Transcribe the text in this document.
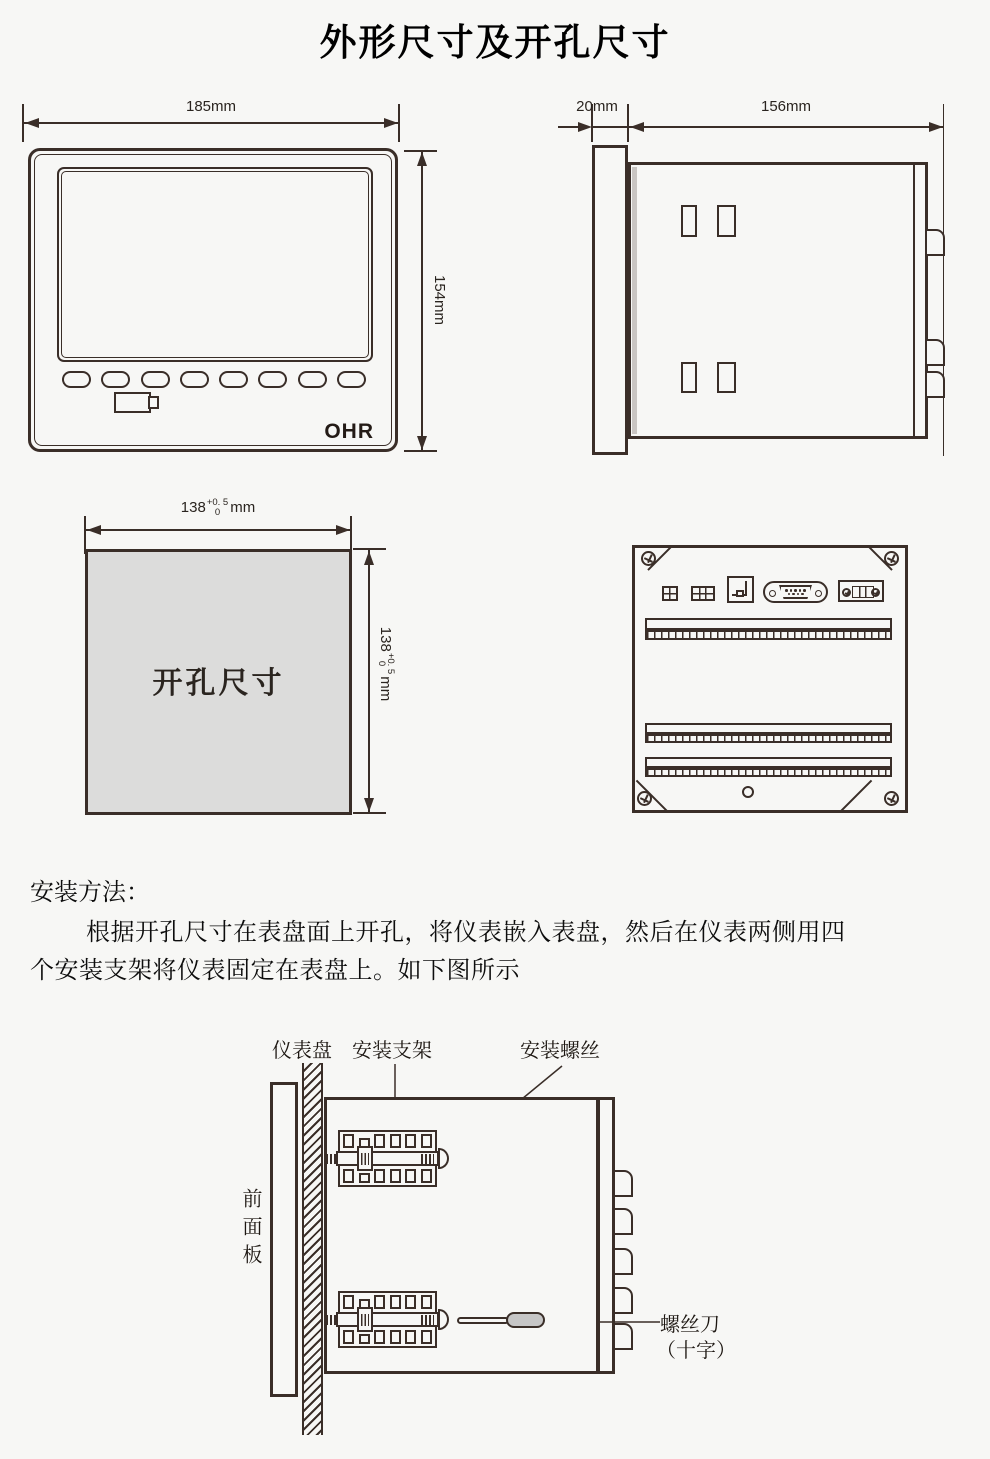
外形尺寸及开孔尺寸
185mm
OHR
154mm
20mm	156mm
138 +0. 5
0 mm
开孔尺寸
138
+0. 5
0
mm
安装方法：
根据开孔尺寸在表盘面上开孔，将仪表嵌入表盘，然后在仪表两侧用四
个安装支架将仪表固定在表盘上。如下图所示
仪表盘 安装支架	安装螺丝
前面板
螺丝刀
（十字）
